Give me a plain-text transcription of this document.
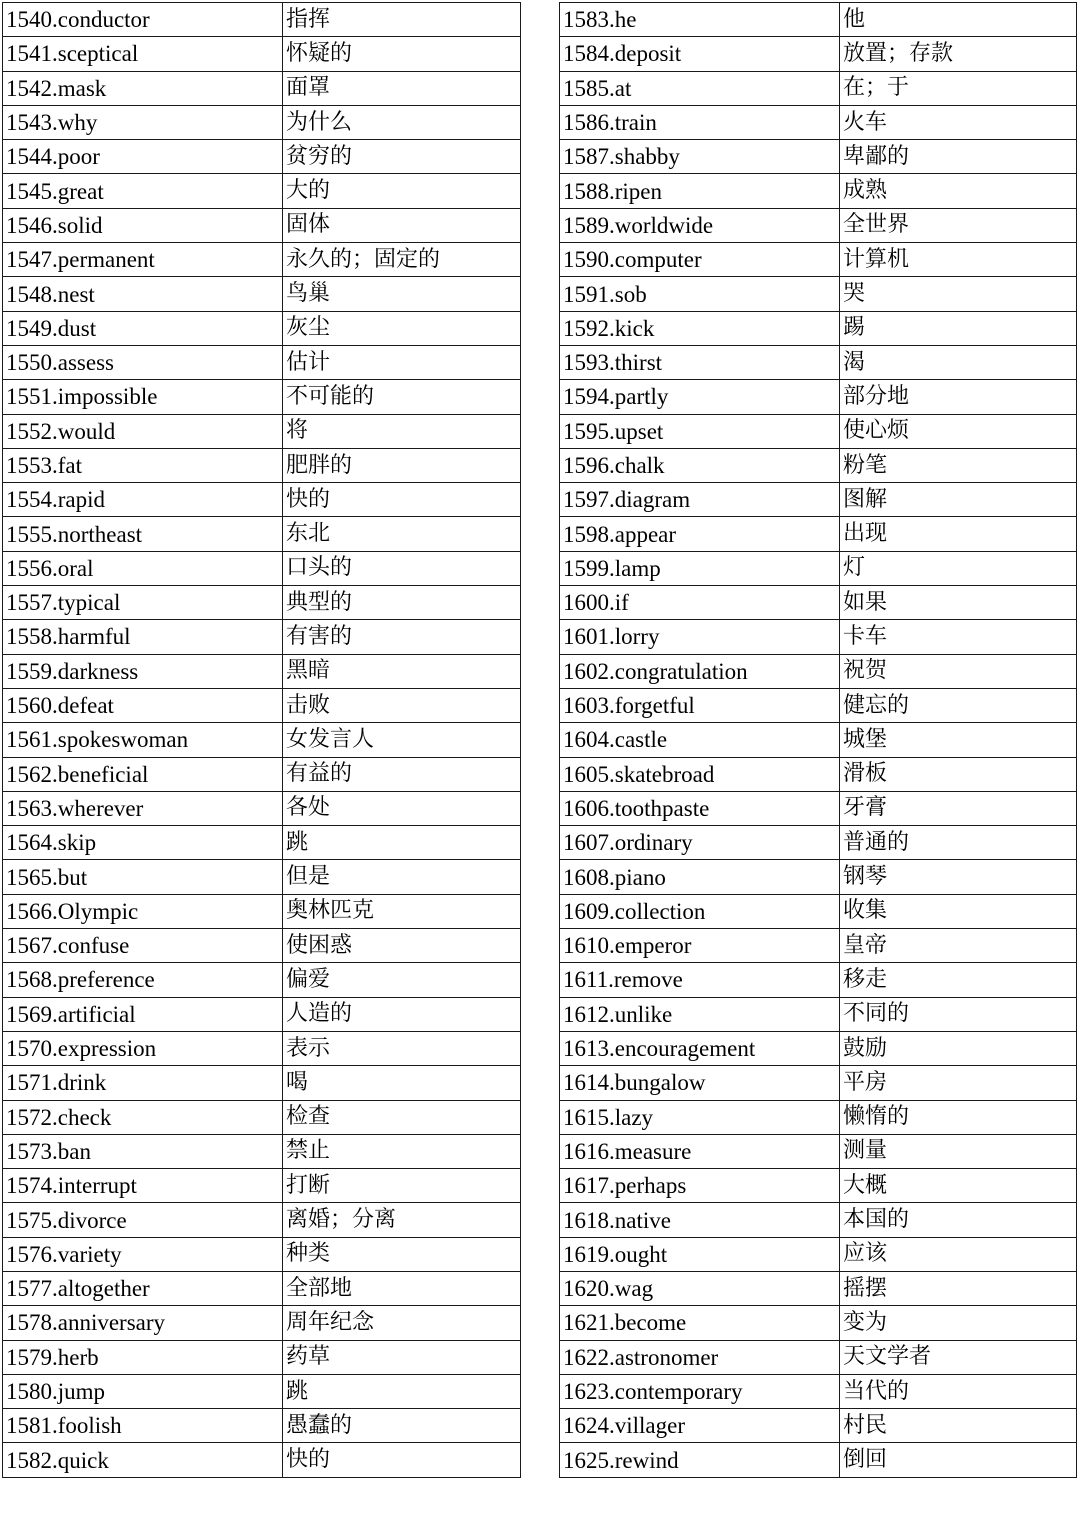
1540.conductor	指挥
1541.sceptical	怀疑的
1542.mask	面罩
1543.why	为什么
1544.poor	贫穷的
1545.great	大的
1546.solid	固体
1547.permanent	永久的；固定的
1548.nest	鸟巢
1549.dust	灰尘
1550.assess	估计
1551.impossible	不可能的
1552.would	将
1553.fat	肥胖的
1554.rapid	快的
1555.northeast	东北
1556.oral	口头的
1557.typical	典型的
1558.harmful	有害的
1559.darkness	黑暗
1560.defeat	击败
1561.spokeswoman	女发言人
1562.beneficial	有益的
1563.wherever	各处
1564.skip	跳
1565.but	但是
1566.Olympic	奥林匹克
1567.confuse	使困惑
1568.preference	偏爱
1569.artificial	人造的
1570.expression	表示
1571.drink	喝
1572.check	检查
1573.ban	禁止
1574.interrupt	打断
1575.divorce	离婚；分离
1576.variety	种类
1577.altogether	全部地
1578.anniversary	周年纪念
1579.herb	药草
1580.jump	跳
1581.foolish	愚蠢的
1582.quick	快的
1583.he	他
1584.deposit	放置；存款
1585.at	在；于
1586.train	火车
1587.shabby	卑鄙的
1588.ripen	成熟
1589.worldwide	全世界
1590.computer	计算机
1591.sob	哭
1592.kick	踢
1593.thirst	渴
1594.partly	部分地
1595.upset	使心烦
1596.chalk	粉笔
1597.diagram	图解
1598.appear	出现
1599.lamp	灯
1600.if	如果
1601.lorry	卡车
1602.congratulation	祝贺
1603.forgetful	健忘的
1604.castle	城堡
1605.skatebroad	滑板
1606.toothpaste	牙膏
1607.ordinary	普通的
1608.piano	钢琴
1609.collection	收集
1610.emperor	皇帝
1611.remove	移走
1612.unlike	不同的
1613.encouragement	鼓励
1614.bungalow	平房
1615.lazy	懒惰的
1616.measure	测量
1617.perhaps	大概
1618.native	本国的
1619.ought	应该
1620.wag	摇摆
1621.become	变为
1622.astronomer	天文学者
1623.contemporary	当代的
1624.villager	村民
1625.rewind	倒回
